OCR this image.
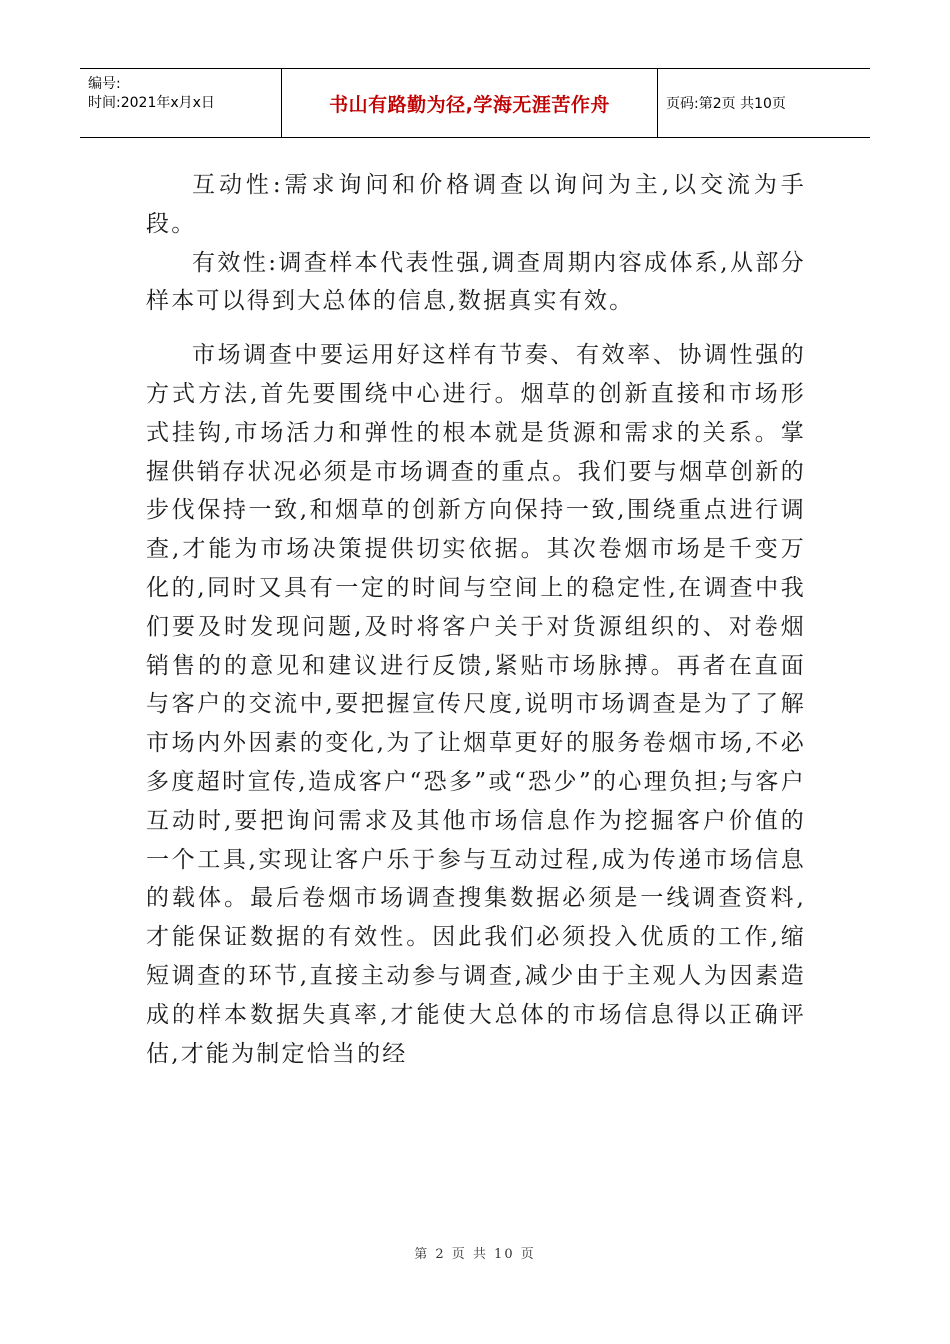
编号:
时间:2021年x月x日	书山有路勤为径,学海无涯苦作舟	页码:第2页 共10页

互动性:需求询问和价格调查以询问为主,以交流为手段。

有效性:调查样本代表性强,调查周期内容成体系,从部分样本可以得到大总体的信息,数据真实有效。

市场调查中要运用好这样有节奏、有效率、协调性强的方式方法,首先要围绕中心进行。烟草的创新直接和市场形式挂钩,市场活力和弹性的根本就是货源和需求的关系。掌握供销存状况必须是市场调查的重点。我们要与烟草创新的步伐保持一致,和烟草的创新方向保持一致,围绕重点进行调查,才能为市场决策提供切实依据。其次卷烟市场是千变万化的,同时又具有一定的时间与空间上的稳定性,在调查中我们要及时发现问题,及时将客户关于对货源组织的、对卷烟销售的的意见和建议进行反馈,紧贴市场脉搏。再者在直面与客户的交流中,要把握宣传尺度,说明市场调查是为了了解市场内外因素的变化,为了让烟草更好的服务卷烟市场,不必多度超时宣传,造成客户“恐多”或“恐少”的心理负担;与客户互动时,要把询问需求及其他市场信息作为挖掘客户价值的一个工具,实现让客户乐于参与互动过程,成为传递市场信息的载体。最后卷烟市场调查搜集数据必须是一线调查资料,才能保证数据的有效性。因此我们必须投入优质的工作,缩短调查的环节,直接主动参与调查,减少由于主观人为因素造成的样本数据失真率,才能使大总体的市场信息得以正确评估,才能为制定恰当的经

第 2 页 共 10 页
